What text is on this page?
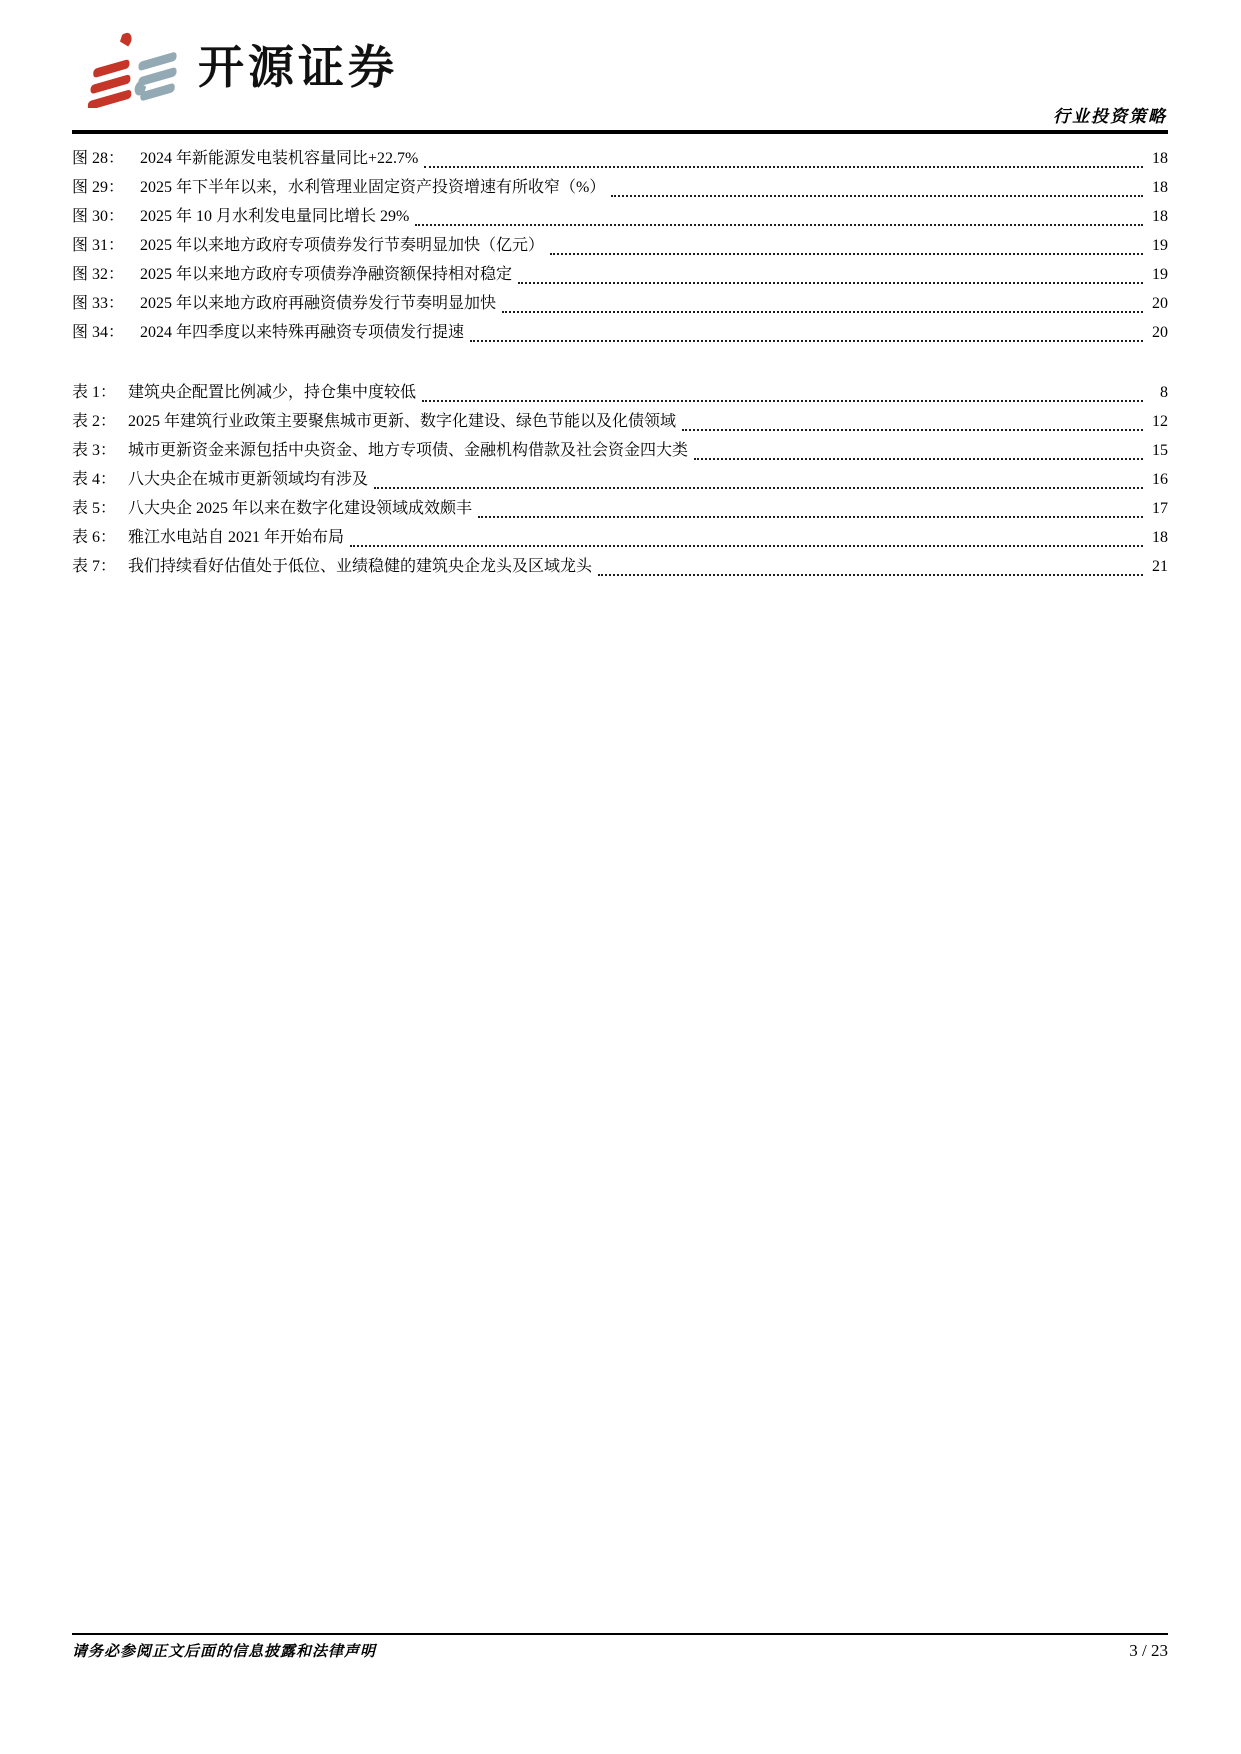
开源证券
行业投资策略
图 28： 2024 年新能源发电装机容量同比+22.7%	18
图 29： 2025 年下半年以来，水利管理业固定资产投资增速有所收窄（%）	18
图 30： 2025 年 10 月水利发电量同比增长 29%	18
图 31： 2025 年以来地方政府专项债券发行节奏明显加快（亿元）	19
图 32： 2025 年以来地方政府专项债券净融资额保持相对稳定	19
图 33： 2025 年以来地方政府再融资债券发行节奏明显加快	20
图 34： 2024 年四季度以来特殊再融资专项债发行提速	20
表 1： 建筑央企配置比例减少，持仓集中度较低	8
表 2： 2025 年建筑行业政策主要聚焦城市更新、数字化建设、绿色节能以及化债领域	12
表 3： 城市更新资金来源包括中央资金、地方专项债、金融机构借款及社会资金四大类	15
表 4： 八大央企在城市更新领域均有涉及	16
表 5： 八大央企 2025 年以来在数字化建设领域成效颇丰	17
表 6： 雅江水电站自 2021 年开始布局	18
表 7： 我们持续看好估值处于低位、业绩稳健的建筑央企龙头及区域龙头	21
请务必参阅正文后面的信息披露和法律声明	3 / 23
